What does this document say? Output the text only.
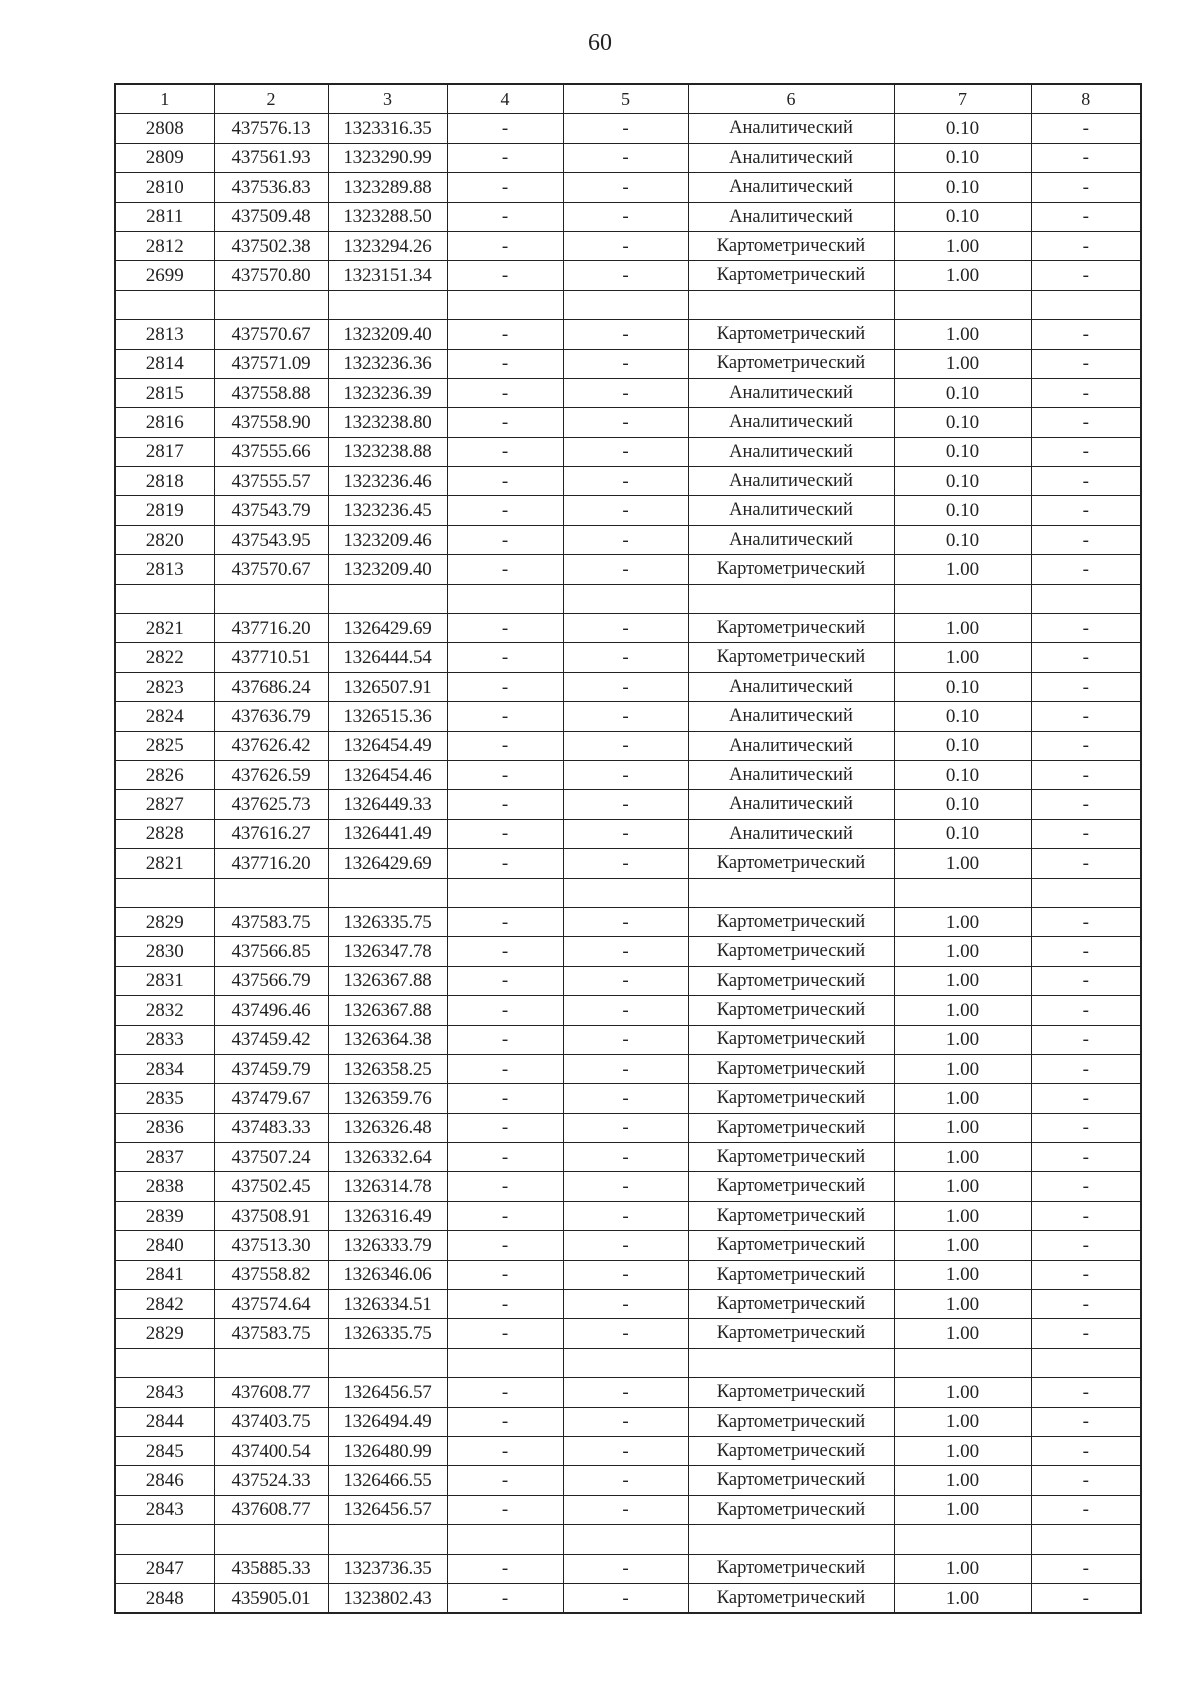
60
1	2	3	4	5	6	7	8
2808	437576.13	1323316.35	-	-	Аналитический	0.10	-
2809	437561.93	1323290.99	-	-	Аналитический	0.10	-
2810	437536.83	1323289.88	-	-	Аналитический	0.10	-
2811	437509.48	1323288.50	-	-	Аналитический	0.10	-
2812	437502.38	1323294.26	-	-	Картометрический	1.00	-
2699	437570.80	1323151.34	-	-	Картометрический	1.00	-

2813	437570.67	1323209.40	-	-	Картометрический	1.00	-
2814	437571.09	1323236.36	-	-	Картометрический	1.00	-
2815	437558.88	1323236.39	-	-	Аналитический	0.10	-
2816	437558.90	1323238.80	-	-	Аналитический	0.10	-
2817	437555.66	1323238.88	-	-	Аналитический	0.10	-
2818	437555.57	1323236.46	-	-	Аналитический	0.10	-
2819	437543.79	1323236.45	-	-	Аналитический	0.10	-
2820	437543.95	1323209.46	-	-	Аналитический	0.10	-
2813	437570.67	1323209.40	-	-	Картометрический	1.00	-

2821	437716.20	1326429.69	-	-	Картометрический	1.00	-
2822	437710.51	1326444.54	-	-	Картометрический	1.00	-
2823	437686.24	1326507.91	-	-	Аналитический	0.10	-
2824	437636.79	1326515.36	-	-	Аналитический	0.10	-
2825	437626.42	1326454.49	-	-	Аналитический	0.10	-
2826	437626.59	1326454.46	-	-	Аналитический	0.10	-
2827	437625.73	1326449.33	-	-	Аналитический	0.10	-
2828	437616.27	1326441.49	-	-	Аналитический	0.10	-
2821	437716.20	1326429.69	-	-	Картометрический	1.00	-

2829	437583.75	1326335.75	-	-	Картометрический	1.00	-
2830	437566.85	1326347.78	-	-	Картометрический	1.00	-
2831	437566.79	1326367.88	-	-	Картометрический	1.00	-
2832	437496.46	1326367.88	-	-	Картометрический	1.00	-
2833	437459.42	1326364.38	-	-	Картометрический	1.00	-
2834	437459.79	1326358.25	-	-	Картометрический	1.00	-
2835	437479.67	1326359.76	-	-	Картометрический	1.00	-
2836	437483.33	1326326.48	-	-	Картометрический	1.00	-
2837	437507.24	1326332.64	-	-	Картометрический	1.00	-
2838	437502.45	1326314.78	-	-	Картометрический	1.00	-
2839	437508.91	1326316.49	-	-	Картометрический	1.00	-
2840	437513.30	1326333.79	-	-	Картометрический	1.00	-
2841	437558.82	1326346.06	-	-	Картометрический	1.00	-
2842	437574.64	1326334.51	-	-	Картометрический	1.00	-
2829	437583.75	1326335.75	-	-	Картометрический	1.00	-

2843	437608.77	1326456.57	-	-	Картометрический	1.00	-
2844	437403.75	1326494.49	-	-	Картометрический	1.00	-
2845	437400.54	1326480.99	-	-	Картометрический	1.00	-
2846	437524.33	1326466.55	-	-	Картометрический	1.00	-
2843	437608.77	1326456.57	-	-	Картометрический	1.00	-

2847	435885.33	1323736.35	-	-	Картометрический	1.00	-
2848	435905.01	1323802.43	-	-	Картометрический	1.00	-
